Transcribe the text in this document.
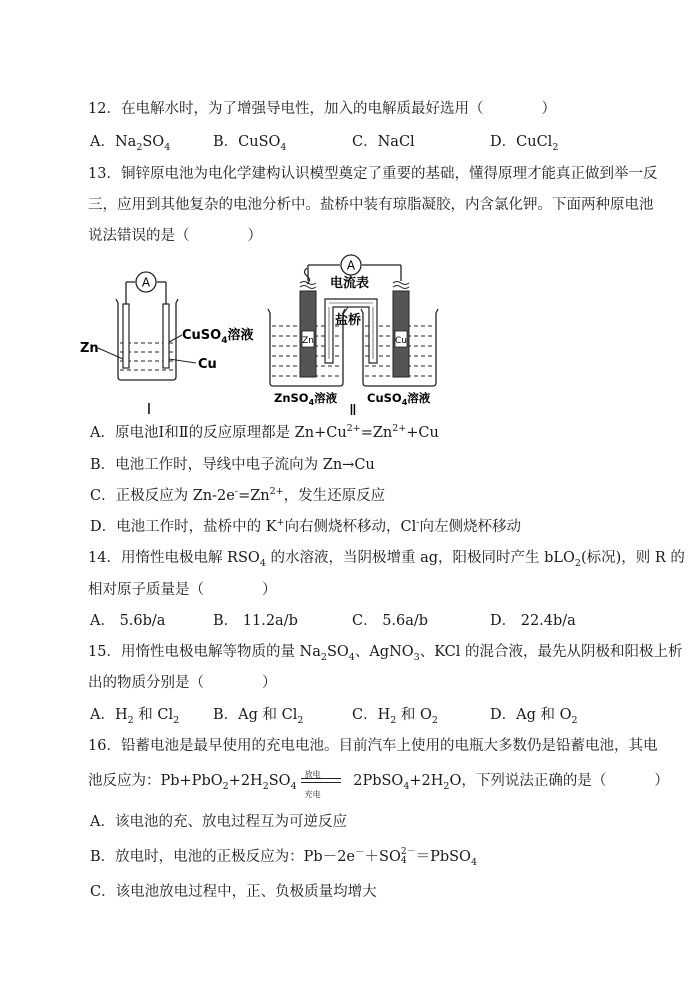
12．在电解水时，为了增强导电性，加入的电解质最好选用（	）
A．$Na_2SO_4$	B．CuSO$_4$	C．NaCl	D．CuCl$_2$
13．铜锌原电池为电化学建构认识模型奠定了重要的基础，懂得原理才能真正做到举一反
三，应用到其他复杂的电池分析中。盐桥中装有琼脂凝胶，内含氯化钾。下面两种原电池
说法错误的是（	）
A
Zn
Cu
CuSO$_4$溶液
Ⅰ
A
电流表
Zn	Cu
盐桥
ZnSO$_4$溶液	CuSO$_4$溶液
Ⅱ
A．原电池Ⅰ和Ⅱ的反应原理都是 $Zn+Cu^{2+}=Zn^{2+}+Cu$
B．电池工作时，导线中电子流向为 Zn→Cu
C．正极反应为 $Zn-2e^-=Zn^{2+}$，发生还原反应
D．电池工作时，盐桥中的 K+向右侧烧杯移动，Cl-向左侧烧杯移动
14．用惰性电极电解 $RSO_4$ 的水溶液，当阴极增重 ag，阳极同时产生 bLO$_2$(标况)，则 R 的
相对原子质量是（	）
A． 5.6b/a	B． 11.2a/b	C． 5.6a/b	D． 22.4b/a
15．用惰性电极电解等物质的量 $Na_2SO_4$、AgNO$_3$、KCl 的混合液，最先从阴极和阳极上析
出的物质分别是（	）
A．$H_2$ 和 $Cl_2$ B．Ag 和 $Cl_2$	C．$H_2$ 和 $O_2$	D．Ag 和 $O_2$
16．铅蓄电池是最早使用的充电电池。目前汽车上使用的电瓶大多数仍是铅蓄电池，其电
池反应为：$Pb+PbO_2+2H_2SO_4$
放电
充电
$2PbSO_4+2H_2O$，下列说法正确的是（	）
A．该电池的充、放电过程互为可逆反应
B．放电时，电池的正极反应为：Pb－2e－＋SO 2－
4 ＝PbSO$_4$
C．该电池放电过程中，正、负极质量均增大
